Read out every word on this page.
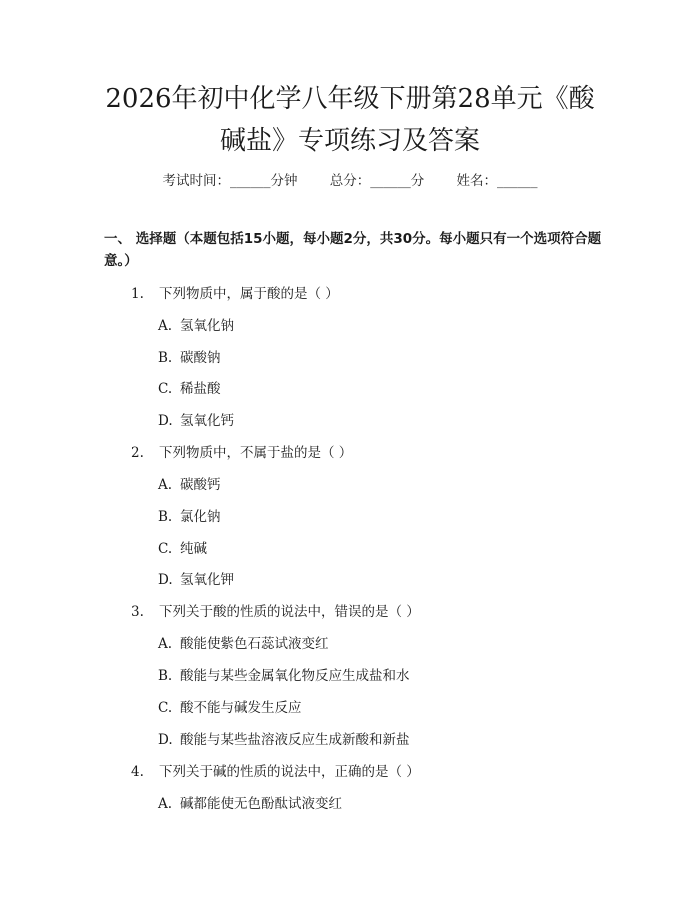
2026年初中化学八年级下册第28单元《酸
碱盐》专项练习及答案
考试时间：______分钟 总分：______分 姓名：______

一、 选择题（本题包括15小题，每小题2分，共30分。每小题只有一个选项符合题意。）

1. 下列物质中，属于酸的是（ ）
A. 氢氧化钠
B. 碳酸钠
C. 稀盐酸
D. 氢氧化钙
2. 下列物质中，不属于盐的是（ ）
A. 碳酸钙
B. 氯化钠
C. 纯碱
D. 氢氧化钾
3. 下列关于酸的性质的说法中，错误的是（ ）
A. 酸能使紫色石蕊试液变红
B. 酸能与某些金属氧化物反应生成盐和水
C. 酸不能与碱发生反应
D. 酸能与某些盐溶液反应生成新酸和新盐
4. 下列关于碱的性质的说法中，正确的是（ ）
A. 碱都能使无色酚酞试液变红
